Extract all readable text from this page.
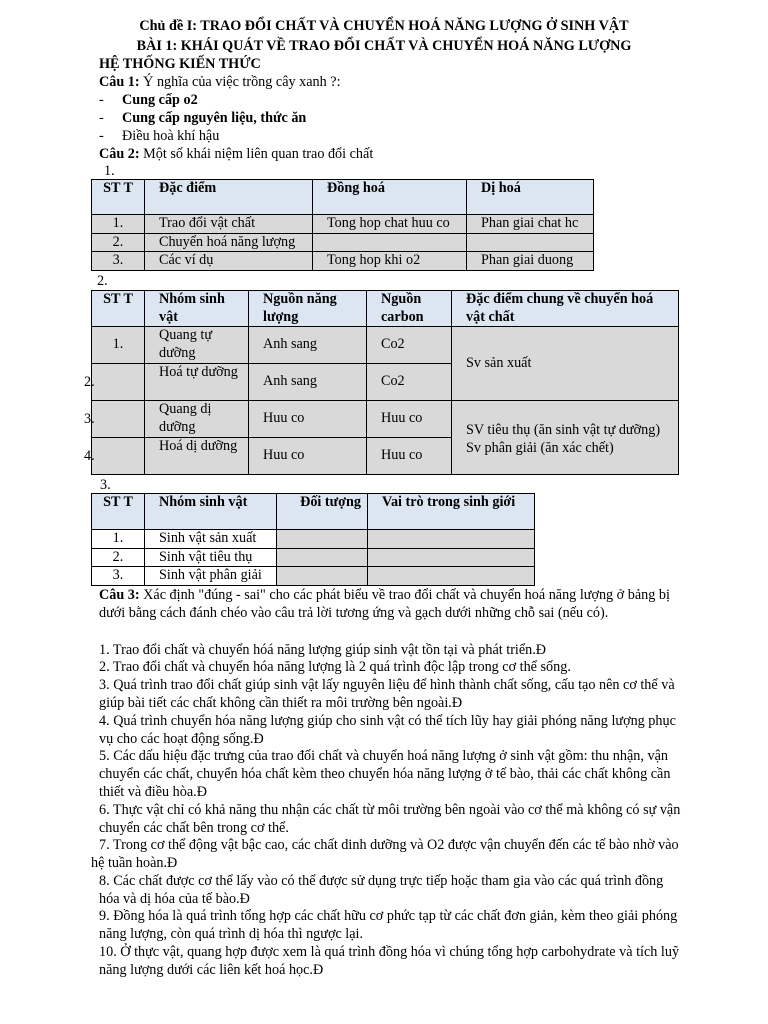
Chủ đề I: TRAO ĐỔI CHẤT VÀ CHUYỂN HOÁ NĂNG LƯỢNG Ở SINH VẬT
BÀI 1: KHÁI QUÁT VỀ TRAO ĐỔI CHẤT VÀ CHUYỂN HOÁ NĂNG LƯỢNG
HỆ THỐNG KIẾN THỨC
Câu 1: Ý nghĩa của việc trồng cây xanh ?:
- Cung cấp o2
- Cung cấp nguyên liệu, thức ăn
- Điều hoà khí hậu
Câu 2: Một số khái niệm liên quan trao đổi chất
1.
ST T	Đặc điểm	Đồng hoá	Dị hoá
1.	Trao đổi vật chất	Tong hop chat huu co	Phan giai chat hc
2.	Chuyển hoá năng lượng		
3.	Các ví dụ	Tong hop khi o2	Phan giai duong
2.
ST T	Nhóm sinh vật	Nguồn năng lượng	Nguồn carbon	Đặc điểm chung về chuyển hoá vật chất
1.	Quang tự dưỡng	Anh sang	Co2	Sv sản xuất
	Hoá tự dưỡng	Anh sang	Co2	
	Quang dị dưỡng	Huu co	Huu co	SV tiêu thụ (ăn sinh vật tự dưỡng) Sv phân giải (ăn xác chết)
	Hoá dị dưỡng	Huu co	Huu co	
2.
3.
4.
3.
ST T	Nhóm sinh vật	Đối tượng	Vai trò trong sinh giới
1.	Sinh vật sản xuất		
2.	Sinh vật tiêu thụ		
3.	Sinh vật phân giải		
Câu 3: Xác định "đúng - sai" cho các phát biểu về trao đổi chất và chuyển hoá năng lượng ở bảng bị dưới bằng cách đánh chéo vào câu trả lời tương ứng và gạch dưới những chỗ sai (nếu có).
1. Trao đổi chất và chuyển hóá năng lượng giúp sinh vật tồn tại và phát triển.Đ
2. Trao đổi chất và chuyển hóa năng lượng là 2 quá trình độc lập trong cơ thể sống.
3. Quá trình trao đổi chất giúp sinh vật lấy nguyên liệu để hình thành chất sống, cấu tạo nên cơ thể và giúp bài tiết các chất không cần thiết ra môi trường bên ngoài.Đ
4. Quá trình chuyển hóa năng lượng giúp cho sinh vật có thể tích lũy hay giải phóng năng lượng phục vụ cho các hoạt động sống.Đ
5. Các dấu hiệu đặc trưng của trao đổi chất và chuyển hoá năng lượng ở sinh vật gồm: thu nhận, vận chuyển các chất, chuyển hóa chất kèm theo chuyển hóa năng lượng ở tế bào, thải các chất không cần thiết và điều hòa.Đ
6. Thực vật chỉ có khả năng thu nhận các chất từ môi trường bên ngoài vào cơ thể mà không có sự vận chuyển các chất bên trong cơ thể.
7. Trong cơ thể động vật bậc cao, các chất dinh dưỡng và O2 được vận chuyển đến các tế bào nhờ vào hệ tuần hoàn.Đ
8. Các chất được cơ thể lấy vào có thể được sử dụng trực tiếp hoặc tham gia vào các quá trình đồng hóa và dị hóa của tế bào.Đ
9. Đồng hóa là quá trình tổng hợp các chất hữu cơ phức tạp từ các chất đơn giản, kèm theo giải phóng năng lượng, còn quá trình dị hóa thì ngược lại.
10. Ở thực vật, quang hợp được xem là quá trình đồng hóa vì chúng tổng hợp carbohydrate và tích luỹ năng lượng dưới các liên kết hoá học.Đ
